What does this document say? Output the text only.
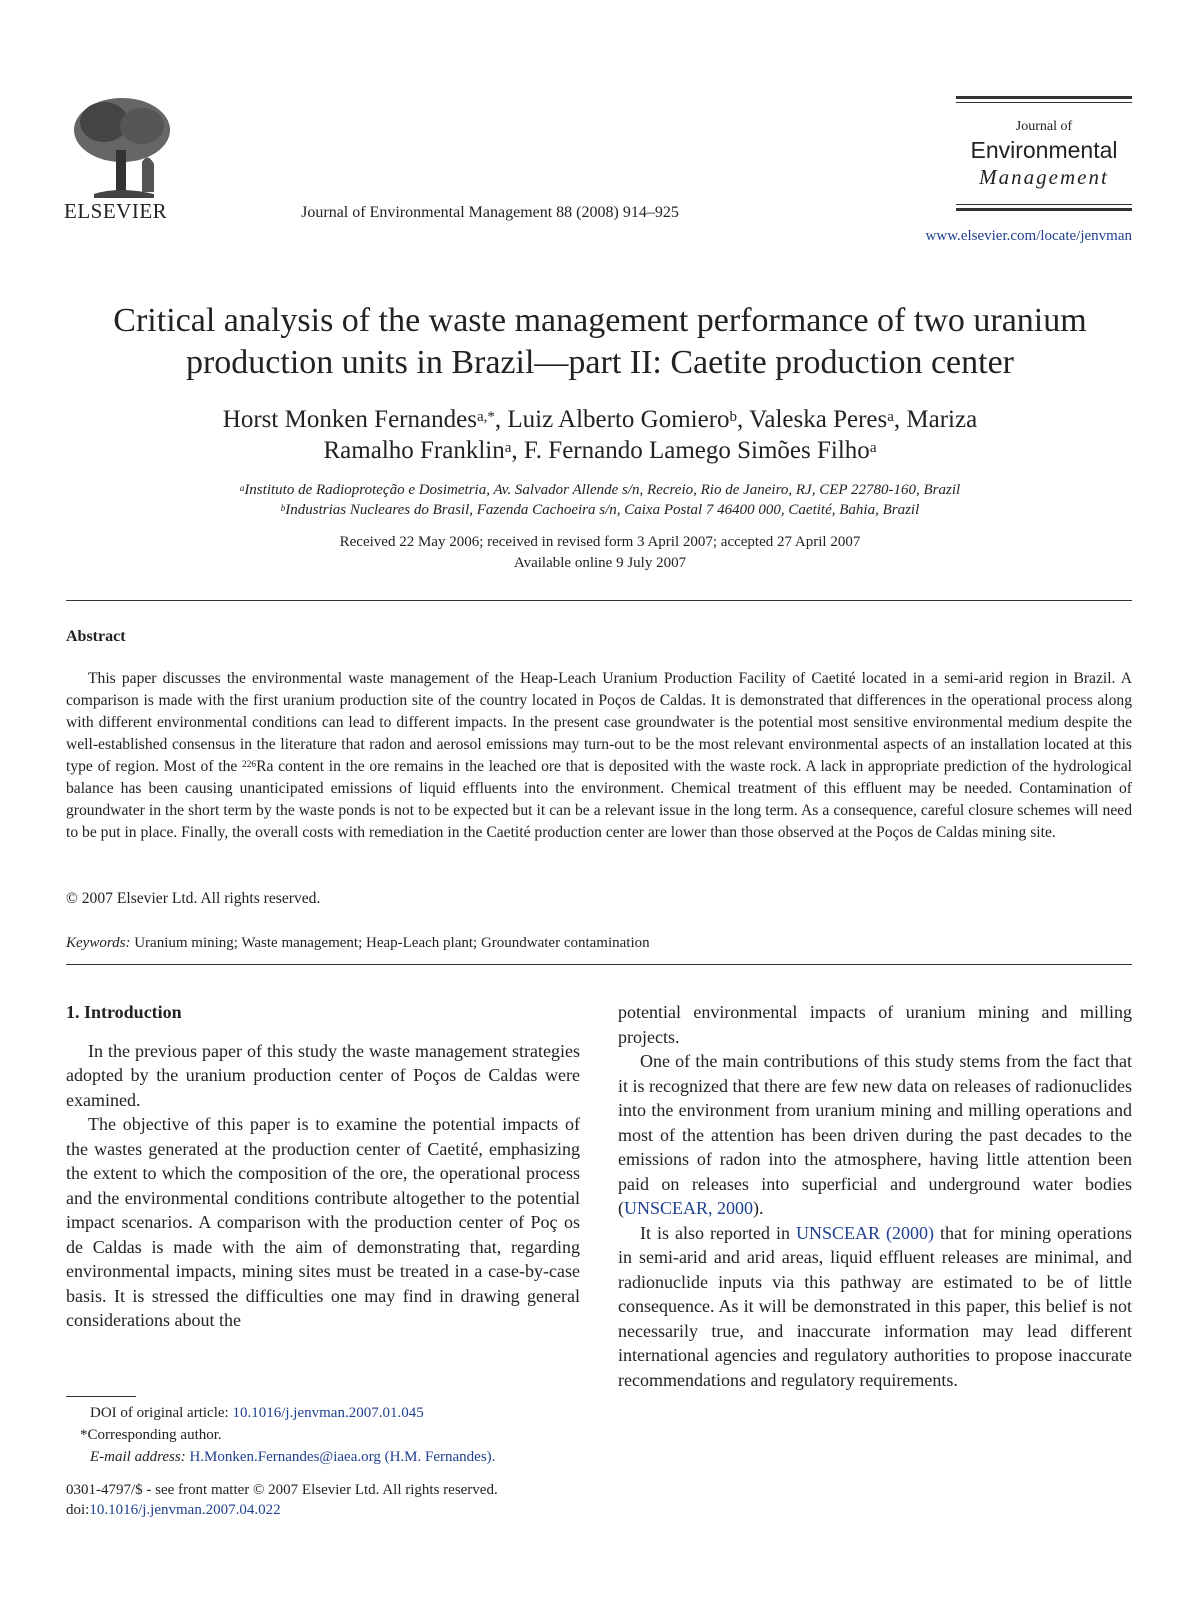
ELSEVIER	Journal of Environmental Management 88 (2008) 914–925
Journal of
Environmental
Management
www.elsevier.com/locate/jenvman
Critical analysis of the waste management performance of two uranium
production units in Brazil—part II: Caetite production center
Horst Monken Fernandes$^{a,*}$, Luiz Alberto Gomiero$^b$, Valeska Peres$^a$, Mariza
Ramalho Franklin$^a$, F. Fernando Lamego Simões Filho$^a$
$^a$Instituto de Radioproteção e Dosimetria, Av. Salvador Allende s/n, Recreio, Rio de Janeiro, RJ, CEP 22780-160, Brazil
$^b$Industrias Nucleares do Brasil, Fazenda Cachoeira s/n, Caixa Postal 7 46400 000, Caetité, Bahia, Brazil
Received 22 May 2006; received in revised form 3 April 2007; accepted 27 April 2007
Available online 9 July 2007
Abstract
This paper discusses the environmental waste management of the Heap-Leach Uranium Production Facility of Caetité located in a semi-arid region in Brazil. A comparison is made with the first uranium production site of the country located in Poços de Caldas. It is demonstrated that differences in the operational process along with different environmental conditions can lead to different impacts. In the present case groundwater is the potential most sensitive environmental medium despite the well-established consensus in the literature that radon and aerosol emissions may turn-out to be the most relevant environmental aspects of an installation located at this type of region. Most of the $^{226}$Ra content in the ore remains in the leached ore that is deposited with the waste rock. A lack in appropriate prediction of the hydrological balance has been causing unanticipated emissions of liquid effluents into the environment. Chemical treatment of this effluent may be needed. Contamination of groundwater in the short term by the waste ponds is not to be expected but it can be a relevant issue in the long term. As a consequence, careful closure schemes will need to be put in place. Finally, the overall costs with remediation in the Caetité production center are lower than those observed at the Poços de Caldas mining site.
© 2007 Elsevier Ltd. All rights reserved.
Keywords: Uranium mining; Waste management; Heap-Leach plant; Groundwater contamination
1. Introduction

In the previous paper of this study the waste management strategies adopted by the uranium production center of Poços de Caldas were examined.

The objective of this paper is to examine the potential impacts of the wastes generated at the production center of Caetité, emphasizing the extent to which the composition of the ore, the operational process and the environmental conditions contribute altogether to the potential impact scenarios. A comparison with the production center of Poç os de Caldas is made with the aim of demonstrating that, regarding environmental impacts, mining sites must be treated in a case-by-case basis. It is stressed the difficulties one may find in drawing general considerations about the

potential environmental impacts of uranium mining and milling projects.

One of the main contributions of this study stems from the fact that it is recognized that there are few new data on releases of radionuclides into the environment from uranium mining and milling operations and most of the attention has been driven during the past decades to the emissions of radon into the atmosphere, having little attention been paid on releases into superficial and underground water bodies (UNSCEAR, 2000).

It is also reported in UNSCEAR (2000) that for mining operations in semi-arid and arid areas, liquid effluent releases are minimal, and radionuclide inputs via this pathway are estimated to be of little consequence. As it will be demonstrated in this paper, this belief is not necessarily true, and inaccurate information may lead different international agencies and regulatory authorities to propose inaccurate recommendations and regulatory requirements.

DOI of original article: 10.1016/j.jenvman.2007.01.045
*Corresponding author.
E-mail address: H.Monken.Fernandes@iaea.org (H.M. Fernandes).
0301-4797/$ - see front matter © 2007 Elsevier Ltd. All rights reserved.
doi:10.1016/j.jenvman.2007.04.022
